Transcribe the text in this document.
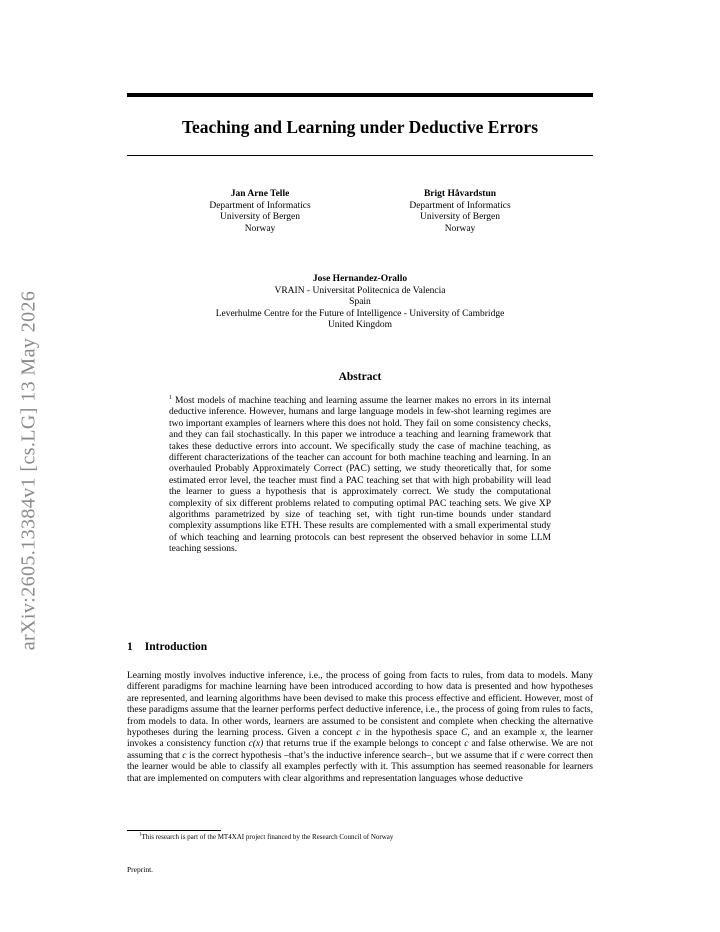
arXiv:2605.13384v1 [cs.LG] 13 May 2026
Teaching and Learning under Deductive Errors
Jan Arne Telle
Department of Informatics
University of Bergen
Norway
Brigt Håvardstun
Department of Informatics
University of Bergen
Norway
Jose Hernandez-Orallo
VRAIN - Universitat Politecnica de Valencia
Spain
Leverhulme Centre for the Future of Intelligence - University of Cambridge
United Kingdom
Abstract
$^1$ Most models of machine teaching and learning assume the learner makes no errors in its internal deductive inference. However, humans and large language models in few-shot learning regimes are two important examples of learners where this does not hold. They fail on some consistency checks, and they can fail stochastically. In this paper we introduce a teaching and learning framework that takes these deductive errors into account. We specifically study the case of machine teaching, as different characterizations of the teacher can account for both machine teaching and learning. In an overhauled Probably Approximately Correct (PAC) setting, we study theoretically that, for some estimated error level, the teacher must find a PAC teaching set that with high probability will lead the learner to guess a hypothesis that is approximately correct. We study the computational complexity of six different problems related to computing optimal PAC teaching sets. We give XP algorithms parametrized by size of teaching set, with tight run-time bounds under standard complexity assumptions like ETH. These results are complemented with a small experimental study of which teaching and learning protocols can best represent the observed behavior in some LLM teaching sessions.
1 Introduction
Learning mostly involves inductive inference, i.e., the process of going from facts to rules, from data to models. Many different paradigms for machine learning have been introduced according to how data is presented and how hypotheses are represented, and learning algorithms have been devised to make this process effective and efficient. However, most of these paradigms assume that the learner performs perfect deductive inference, i.e., the process of going from rules to facts, from models to data. In other words, learners are assumed to be consistent and complete when checking the alternative hypotheses during the learning process. Given a concept c in the hypothesis space C, and an example x, the learner invokes a consistency function c(x) that returns true if the example belongs to concept c and false otherwise. We are not assuming that c is the correct hypothesis –that’s the inductive inference search–, but we assume that if c were correct then the learner would be able to classify all examples perfectly with it. This assumption has seemed reasonable for learners that are implemented on computers with clear algorithms and representation languages whose deductive
$^1$This research is part of the MT4XAI project financed by the Research Council of Norway
Preprint.
